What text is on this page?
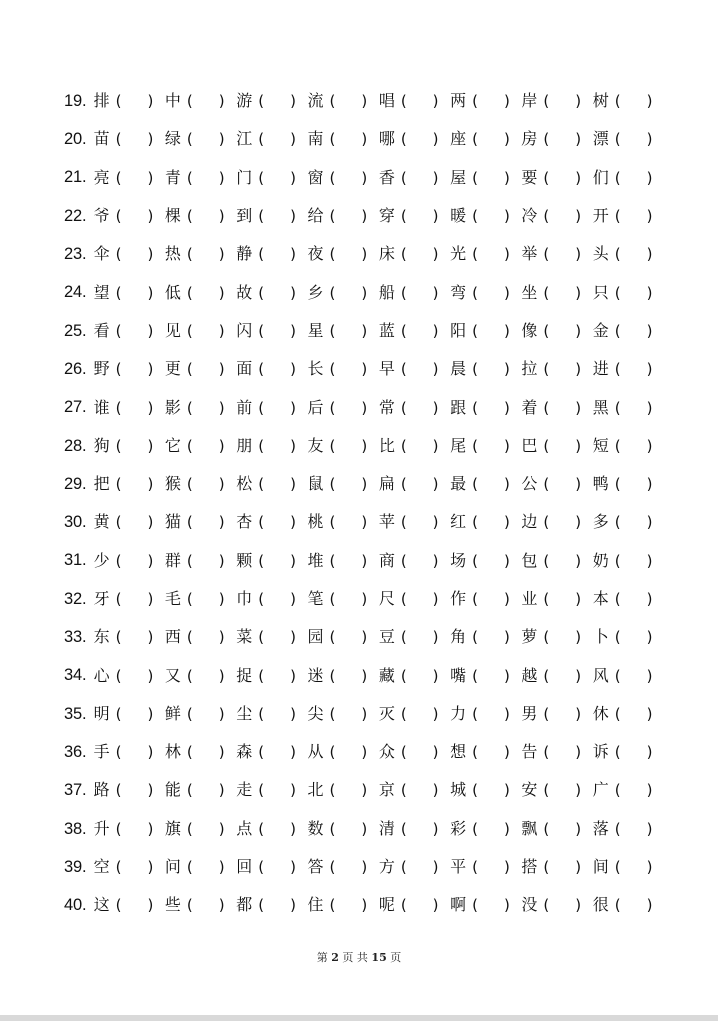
19. 排 ( ) 中 ( ) 游 ( ) 流 ( ) 唱 ( ) 两 ( ) 岸 ( ) 树 ( )
20. 苗 ( ) 绿 ( ) 江 ( ) 南 ( ) 哪 ( ) 座 ( ) 房 ( ) 漂 ( )
21. 亮 ( ) 青 ( ) 门 ( ) 窗 ( ) 香 ( ) 屋 ( ) 要 ( ) 们 ( )
22. 爷 ( ) 棵 ( ) 到 ( ) 给 ( ) 穿 ( ) 暖 ( ) 冷 ( ) 开 ( )
23. 伞 ( ) 热 ( ) 静 ( ) 夜 ( ) 床 ( ) 光 ( ) 举 ( ) 头 ( )
24. 望 ( ) 低 ( ) 故 ( ) 乡 ( ) 船 ( ) 弯 ( ) 坐 ( ) 只 ( )
25. 看 ( ) 见 ( ) 闪 ( ) 星 ( ) 蓝 ( ) 阳 ( ) 像 ( ) 金 ( )
26. 野 ( ) 更 ( ) 面 ( ) 长 ( ) 早 ( ) 晨 ( ) 拉 ( ) 进 ( )
27. 谁 ( ) 影 ( ) 前 ( ) 后 ( ) 常 ( ) 跟 ( ) 着 ( ) 黑 ( )
28. 狗 ( ) 它 ( ) 朋 ( ) 友 ( ) 比 ( ) 尾 ( ) 巴 ( ) 短 ( )
29. 把 ( ) 猴 ( ) 松 ( ) 鼠 ( ) 扁 ( ) 最 ( ) 公 ( ) 鸭 ( )
30. 黄 ( ) 猫 ( ) 杏 ( ) 桃 ( ) 苹 ( ) 红 ( ) 边 ( ) 多 ( )
31. 少 ( ) 群 ( ) 颗 ( ) 堆 ( ) 商 ( ) 场 ( ) 包 ( ) 奶 ( )
32. 牙 ( ) 毛 ( ) 巾 ( ) 笔 ( ) 尺 ( ) 作 ( ) 业 ( ) 本 ( )
33. 东 ( ) 西 ( ) 菜 ( ) 园 ( ) 豆 ( ) 角 ( ) 萝 ( ) 卜 ( )
34. 心 ( ) 又 ( ) 捉 ( ) 迷 ( ) 藏 ( ) 嘴 ( ) 越 ( ) 风 ( )
35. 明 ( ) 鲜 ( ) 尘 ( ) 尖 ( ) 灭 ( ) 力 ( ) 男 ( ) 休 ( )
36. 手 ( ) 林 ( ) 森 ( ) 从 ( ) 众 ( ) 想 ( ) 告 ( ) 诉 ( )
37. 路 ( ) 能 ( ) 走 ( ) 北 ( ) 京 ( ) 城 ( ) 安 ( ) 广 ( )
38. 升 ( ) 旗 ( ) 点 ( ) 数 ( ) 清 ( ) 彩 ( ) 飘 ( ) 落 ( )
39. 空 ( ) 问 ( ) 回 ( ) 答 ( ) 方 ( ) 平 ( ) 搭 ( ) 间 ( )
40. 这 ( ) 些 ( ) 都 ( ) 住 ( ) 呢 ( ) 啊 ( ) 没 ( ) 很 ( )
第 2 页 共 15 页
